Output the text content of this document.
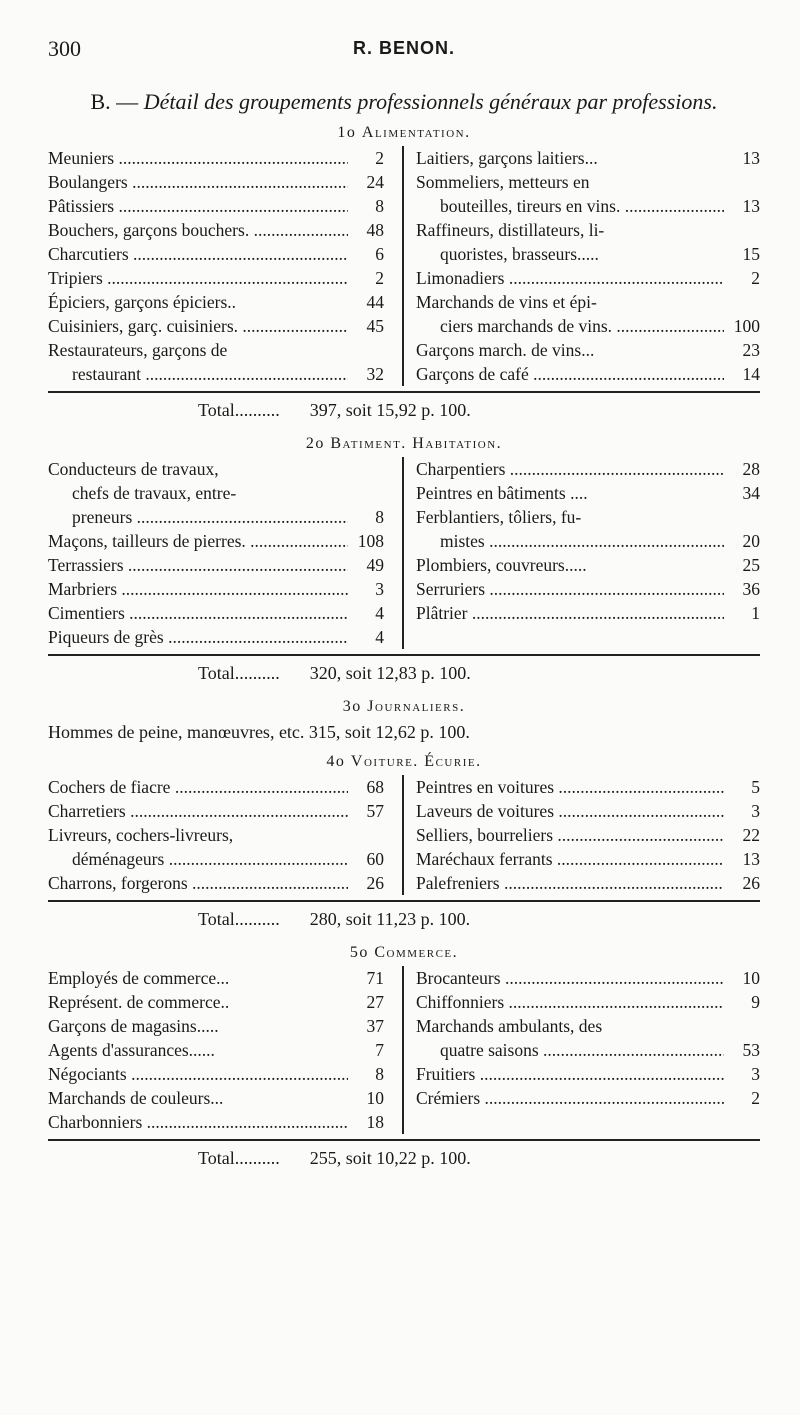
300	R. BENON.
B. — Détail des groupements professionnels généraux par professions.
1o Alimentation.
Meuniers .....	2
Boulangers .....	24
Pâtissiers .....	8
Bouchers, garçons bouchers. .....	48
Charcutiers .....	6
Tripiers .....	2
Épiciers, garçons épiciers..	44
Cuisiniers, garç. cuisiniers. .....	45
Restaurateurs, garçons de
restaurant .....	32
Laitiers, garçons laitiers...	13
Sommeliers, metteurs en
bouteilles, tireurs en vins. .....	13
Raffineurs, distillateurs, li-
quoristes, brasseurs.....	15
Limonadiers .....	2
Marchands de vins et épi-
ciers marchands de vins. .....	100
Garçons march. de vins...	23
Garçons de café .....	14
Total.......... 397, soit 15,92 p. 100.
2o Batiment. Habitation.
Conducteurs de travaux,
chefs de travaux, entre-
preneurs .....	8
Maçons, tailleurs de pierres. .....	108
Terrassiers .....	49
Marbriers .....	3
Cimentiers .....	4
Piqueurs de grès .....	4
Charpentiers .....	28
Peintres en bâtiments ....	34
Ferblantiers, tôliers, fu-
mistes .....	20
Plombiers, couvreurs.....	25
Serruriers .....	36
Plâtrier .....	1
Total.......... 320, soit 12,83 p. 100.
3o Journaliers.
Hommes de peine, manœuvres, etc. 315, soit 12,62 p. 100.
4o Voiture. Écurie.
Cochers de fiacre .....	68
Charretiers .....	57
Livreurs, cochers-livreurs,
déménageurs .....	60
Charrons, forgerons .....	26
Peintres en voitures .....	5
Laveurs de voitures .....	3
Selliers, bourreliers .....	22
Maréchaux ferrants .....	13
Palefreniers .....	26
Total.......... 280, soit 11,23 p. 100.
5o Commerce.
Employés de commerce...	71
Représent. de commerce..	27
Garçons de magasins.....	37
Agents d'assurances......	7
Négociants .....	8
Marchands de couleurs...	10
Charbonniers .....	18
Brocanteurs .....	10
Chiffonniers .....	9
Marchands ambulants, des
quatre saisons .....	53
Fruitiers .....	3
Crémiers .....	2
Total.......... 255, soit 10,22 p. 100.
